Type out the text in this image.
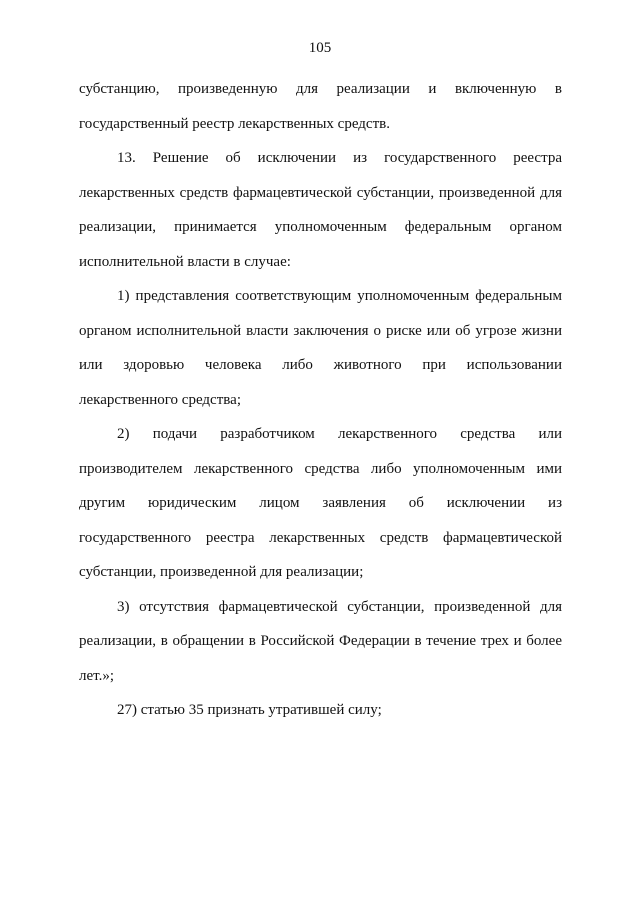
105

субстанцию, произведенную для реализации и включенную в государственный реестр лекарственных средств.

13. Решение об исключении из государственного реестра лекарственных средств фармацевтической субстанции, произведенной для реализации, принимается уполномоченным федеральным органом исполнительной власти в случае:

1) представления соответствующим уполномоченным федеральным органом исполнительной власти заключения о риске или об угрозе жизни или здоровью человека либо животного при использовании лекарственного средства;

2) подачи разработчиком лекарственного средства или производителем лекарственного средства либо уполномоченным ими другим юридическим лицом заявления об исключении из государственного реестра лекарственных средств фармацевтической субстанции, произведенной для реализации;

3) отсутствия фармацевтической субстанции, произведенной для реализации, в обращении в Российской Федерации в течение трех и более лет.»;

27) статью 35 признать утратившей силу;
